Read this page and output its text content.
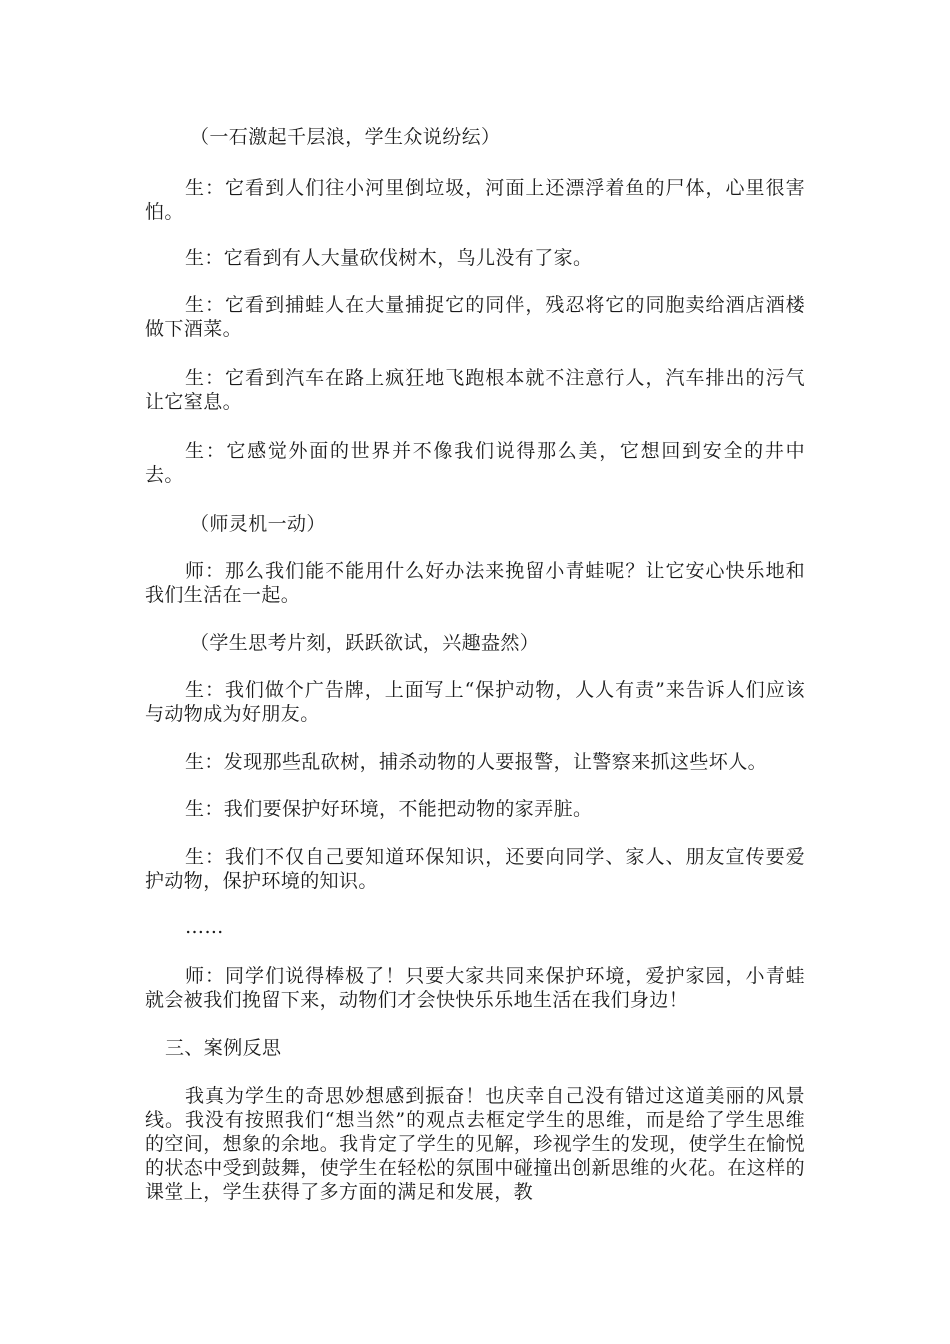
（一石激起千层浪，学生众说纷纭）

生：它看到人们往小河里倒垃圾，河面上还漂浮着鱼的尸体，心里很害怕。

生：它看到有人大量砍伐树木，鸟儿没有了家。

生：它看到捕蛙人在大量捕捉它的同伴，残忍将它的同胞卖给酒店酒楼做下酒菜。

生：它看到汽车在路上疯狂地飞跑根本就不注意行人，汽车排出的污气让它窒息。

生：它感觉外面的世界并不像我们说得那么美，它想回到安全的井中去。

（师灵机一动）

师：那么我们能不能用什么好办法来挽留小青蛙呢？让它安心快乐地和我们生活在一起。

（学生思考片刻，跃跃欲试，兴趣盎然）

生：我们做个广告牌，上面写上“保护动物，人人有责”来告诉人们应该与动物成为好朋友。

生：发现那些乱砍树，捕杀动物的人要报警，让警察来抓这些坏人。

生：我们要保护好环境，不能把动物的家弄脏。

生：我们不仅自己要知道环保知识，还要向同学、家人、朋友宣传要爱护动物，保护环境的知识。

……

师：同学们说得棒极了！只要大家共同来保护环境，爱护家园，小青蛙就会被我们挽留下来，动物们才会快快乐乐地生活在我们身边！

三、案例反思

我真为学生的奇思妙想感到振奋！也庆幸自己没有错过这道美丽的风景线。我没有按照我们“想当然”的观点去框定学生的思维，而是给了学生思维的空间，想象的余地。我肯定了学生的见解，珍视学生的发现，使学生在愉悦的状态中受到鼓舞，使学生在轻松的氛围中碰撞出创新思维的火花。在这样的课堂上，学生获得了多方面的满足和发展，教
